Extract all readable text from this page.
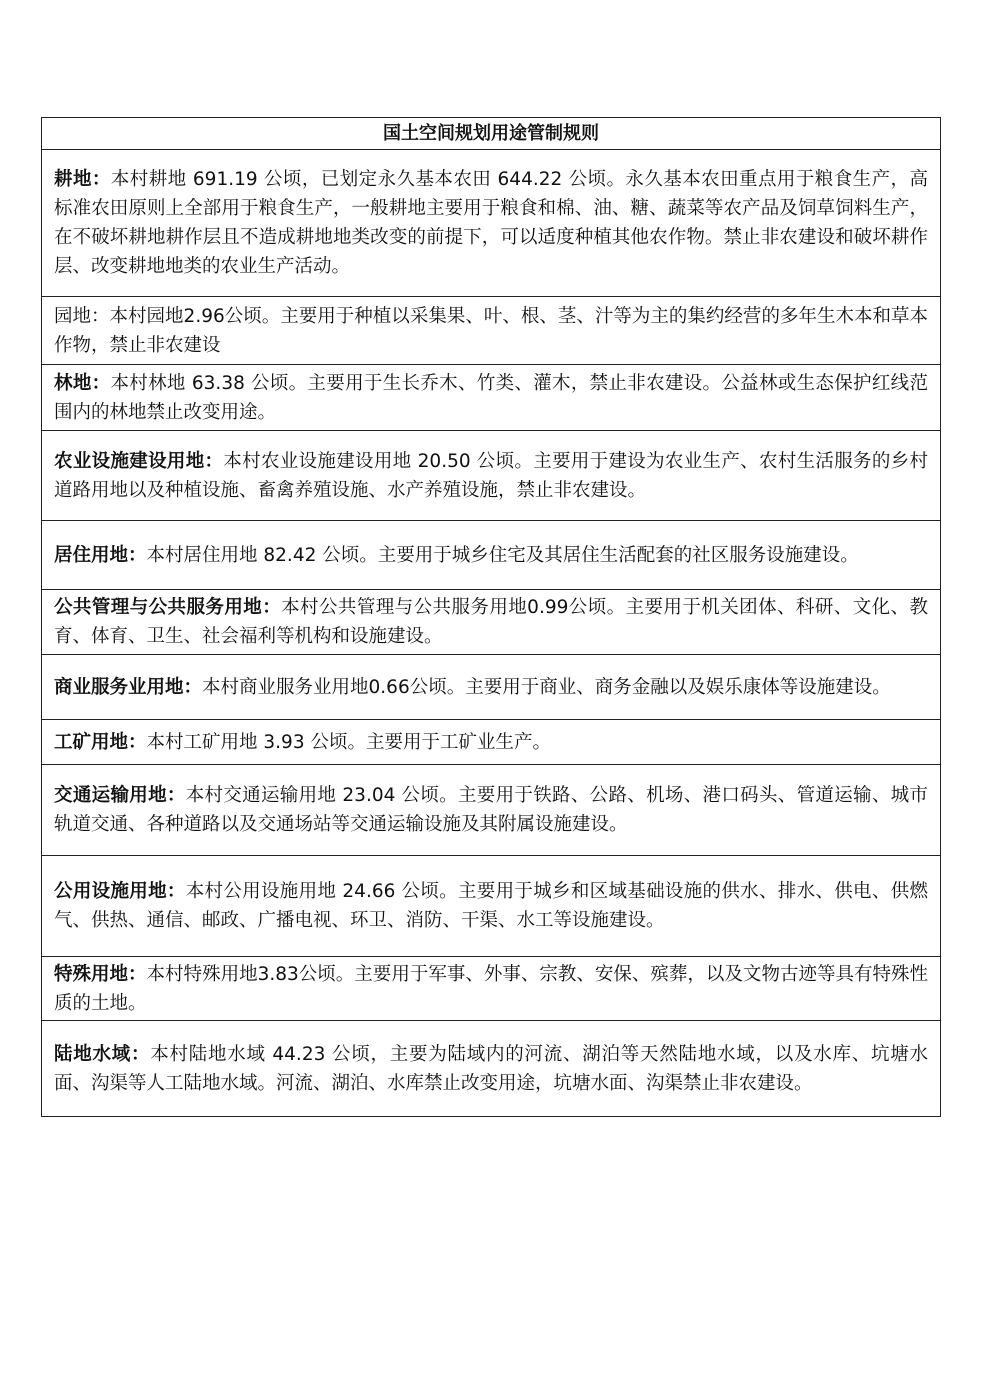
国土空间规划用途管制规则
耕地：本村耕地 691.19 公顷，已划定永久基本农田 644.22 公顷。永久基本农田重点用于粮食生产，高标准农田原则上全部用于粮食生产，一般耕地主要用于粮食和棉、油、糖、蔬菜等农产品及饲草饲料生产，在不破坏耕地耕作层且不造成耕地地类改变的前提下，可以适度种植其他农作物。禁止非农建设和破坏耕作层、改变耕地地类的农业生产活动。
园地：本村园地2.96公顷。主要用于种植以采集果、叶、根、茎、汁等为主的集约经营的多年生木本和草本作物，禁止非农建设
林地：本村林地 63.38 公顷。主要用于生长乔木、竹类、灌木，禁止非农建设。公益林或生态保护红线范围内的林地禁止改变用途。
农业设施建设用地：本村农业设施建设用地 20.50 公顷。主要用于建设为农业生产、农村生活服务的乡村道路用地以及种植设施、畜禽养殖设施、水产养殖设施，禁止非农建设。
居住用地：本村居住用地 82.42 公顷。主要用于城乡住宅及其居住生活配套的社区服务设施建设。
公共管理与公共服务用地：本村公共管理与公共服务用地0.99公顷。主要用于机关团体、科研、文化、教育、体育、卫生、社会福利等机构和设施建设。
商业服务业用地：本村商业服务业用地0.66公顷。主要用于商业、商务金融以及娱乐康体等设施建设。
工矿用地：本村工矿用地 3.93 公顷。主要用于工矿业生产。
交通运输用地：本村交通运输用地 23.04 公顷。主要用于铁路、公路、机场、港口码头、管道运输、城市轨道交通、各种道路以及交通场站等交通运输设施及其附属设施建设。
公用设施用地：本村公用设施用地 24.66 公顷。主要用于城乡和区域基础设施的供水、排水、供电、供燃气、供热、通信、邮政、广播电视、环卫、消防、干渠、水工等设施建设。
特殊用地：本村特殊用地3.83公顷。主要用于军事、外事、宗教、安保、殡葬，以及文物古迹等具有特殊性质的土地。
陆地水域：本村陆地水域 44.23 公顷，主要为陆域内的河流、湖泊等天然陆地水域，以及水库、坑塘水面、沟渠等人工陆地水域。河流、湖泊、水库禁止改变用途，坑塘水面、沟渠禁止非农建设。
